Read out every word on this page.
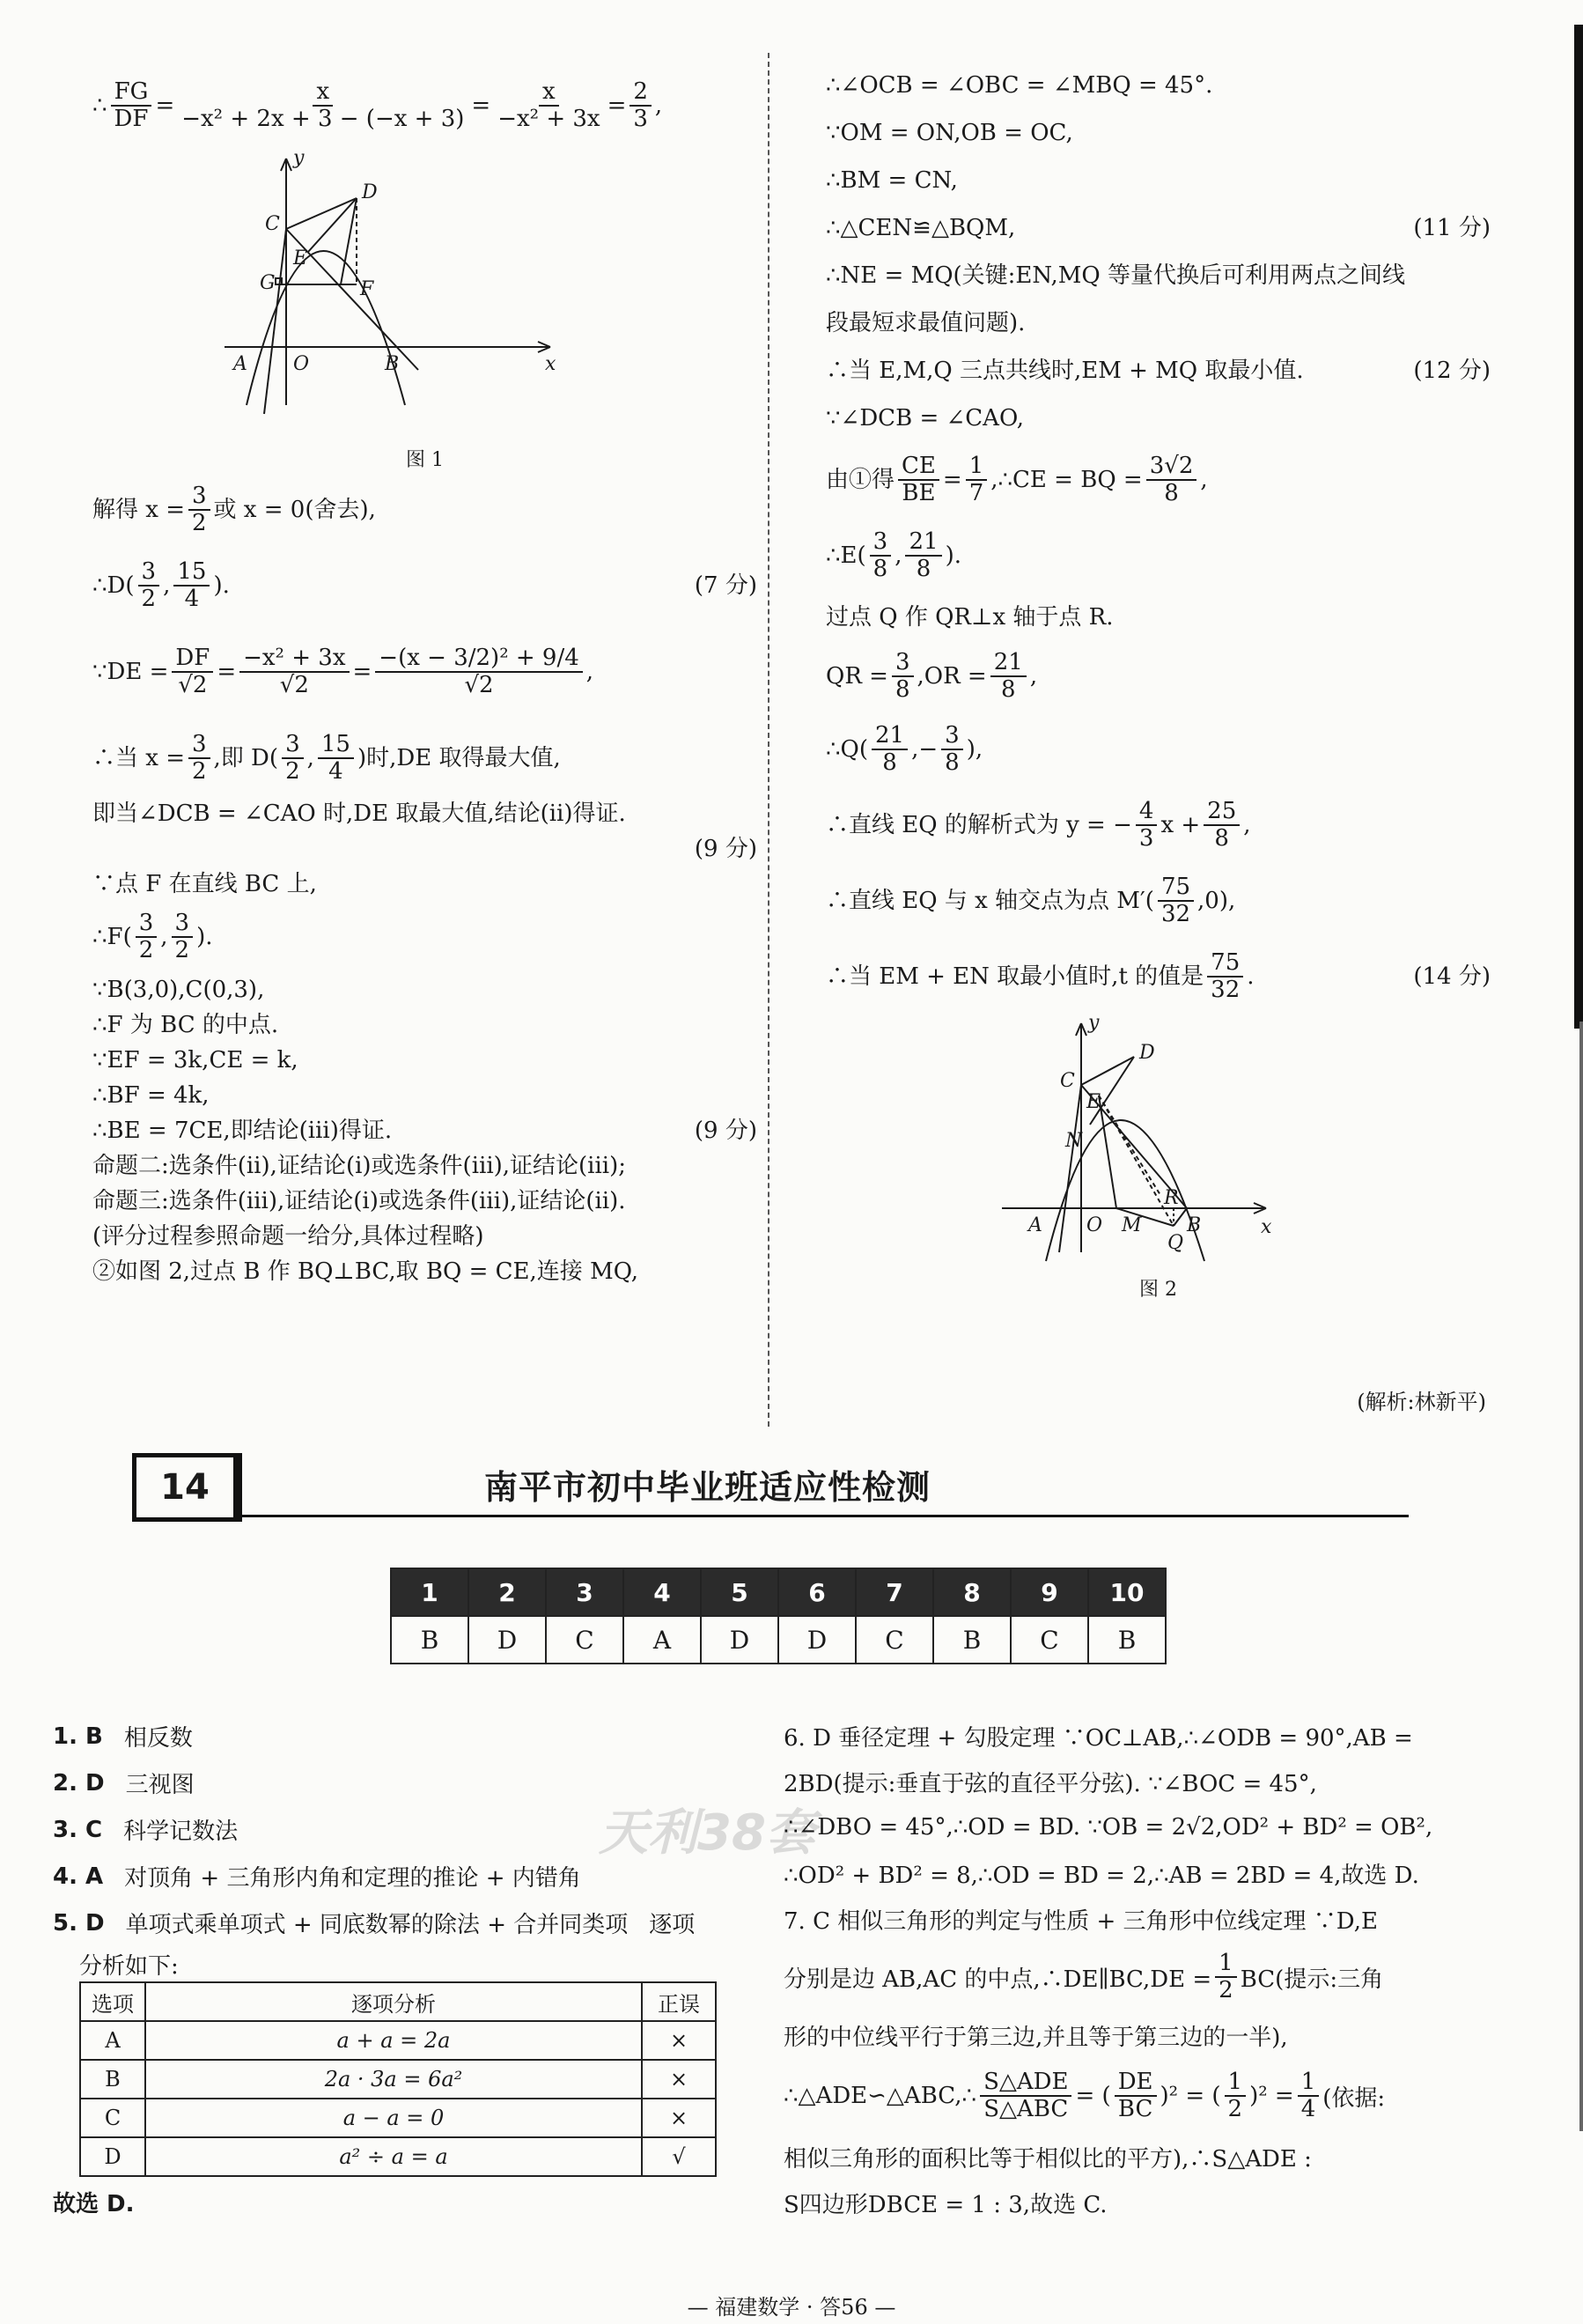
∴ $\frac{FG}{DF} = \frac{x}{\text{−x² + 2x + 3 − (−x + 3)}} = \frac{x}{\text{−x² + 3x}} = \frac{2}{3}$ ,
y
x
C
D
E
F
G
A O	B
图 1
解得 $x = \frac{3}{2}$ 或 x = 0(舍去),
∴D( $\frac{3}{2}$ , $\frac{15}{4}$ ).	(7 分)
∵DE = $\frac{DF}{√2} = \frac{\text{−x² + 3x}}{√2} = \frac{\text{−(x − 3/2)² + 9/4}}{√2}$ ,
∴当 $x = \frac{3}{2}$ ,即 $D( \frac{3}{2}$ , $\frac{15}{4}$ )时,DE 取得最大值,
即当∠DCB = ∠CAO 时,DE 取最大值,结论(ⅱ)得证.
(9 分)
∵点 F 在直线 BC 上,
∴F( $\frac{3}{2}$ , $\frac{3}{2}$ ).
∵B(3,0),C(0,3),
∴F 为 BC 的中点.
∵EF = 3k,CE = k,
∴BF = 4k,
∴BE = 7CE,即结论(ⅲ)得证.	(9 分)
命题二:选条件(ⅱ),证结论(ⅰ)或选条件(ⅲ),证结论(ⅲ);
命题三:选条件(ⅲ),证结论(ⅰ)或选条件(ⅲ),证结论(ⅱ).
(评分过程参照命题一给分,具体过程略)
②如图 2,过点 B 作 BQ⊥BC,取 BQ = CE,连接 MQ,
∴∠OCB = ∠OBC = ∠MBQ = 45°.
∵OM = ON,OB = OC,
∴BM = CN,
∴△CEN≌△BQM,	(11 分)
∴NE = MQ(关键:EN,MQ 等量代换后可利用两点之间线
段最短求最值问题).
∴当 E,M,Q 三点共线时,EM + MQ 取最小值.	(12 分)
∵∠DCB = ∠CAO,
由①得 $\frac{CE}{BE} = \frac{1}{7}$ ,∴CE = BQ = $\frac{3√2}{8}$ ,
∴E( $\frac{3}{8}$ , $\frac{21}{8}$ ).
过点 Q 作 QR⊥x 轴于点 R.
QR = $\frac{3}{8} ,OR = \frac{21}{8}$ ,
∴Q( $\frac{21}{8}$ ,− $\frac{3}{8}$ ),
∴直线 EQ 的解析式为 y = − $\frac{4}{3}$ $x + \frac{25}{8}$ ,
∴直线 EQ 与 x 轴交点为点 $M'( \frac{75}{32} ,0)$,
∴当 EM + EN 取最小值时,t 的值是 $\frac{75}{32}$ .	(14 分)
y
x
C
D
E
N
A O M
R
B
Q
图 2
(解析:林新平)
14	南平市初中毕业班适应性检测
1	2	3	4	5	6	7	8	9	10
B	D	C	A	D	D	C	B	C	B
天利38套
1. B 相反数
2. D 三视图
3. C 科学记数法
4. A 对顶角 + 三角形内角和定理的推论 + 内错角
5. D 单项式乘单项式 + 同底数幂的除法 + 合并同类项 逐项
分析如下:
选项	逐项分析	正误
A	a + a = 2a	×
B	2a · 3a = 6a²	×
C	a − a = 0	×
D	a² ÷ a = a	√
故选 D.
6. D 垂径定理 + 勾股定理 ∵OC⊥AB,∴∠ODB = 90°,AB =
2BD(提示:垂直于弦的直径平分弦). ∵∠BOC = 45°,
∴∠DBO = 45°,∴OD = BD. ∵OB = 2√2,OD² + BD² = OB²,
∴OD² + BD² = 8,∴OD = BD = 2,∴AB = 2BD = 4,故选 D.
7. C 相似三角形的判定与性质 + 三角形中位线定理 ∵D,E
分别是边 AB,AC 的中点,∴DE∥BC,DE = $\frac{1}{2} BC$(提示:三角
形的中位线平行于第三边,并且等于第三边的一半),
∴△ADE∽△ABC,∴ $\frac{\text{S△ADE}}{\text{S△ABC}}$ = ( $\frac{DE}{BC} )^2$ = ( $\frac{1}{2} )^2 = \frac{1}{4}$ (依据:
相似三角形的面积比等于相似比的平方),∴S△ADE :
S四边形DBCE = 1 : 3,故选 C.
— 福建数学 · 答56 —
